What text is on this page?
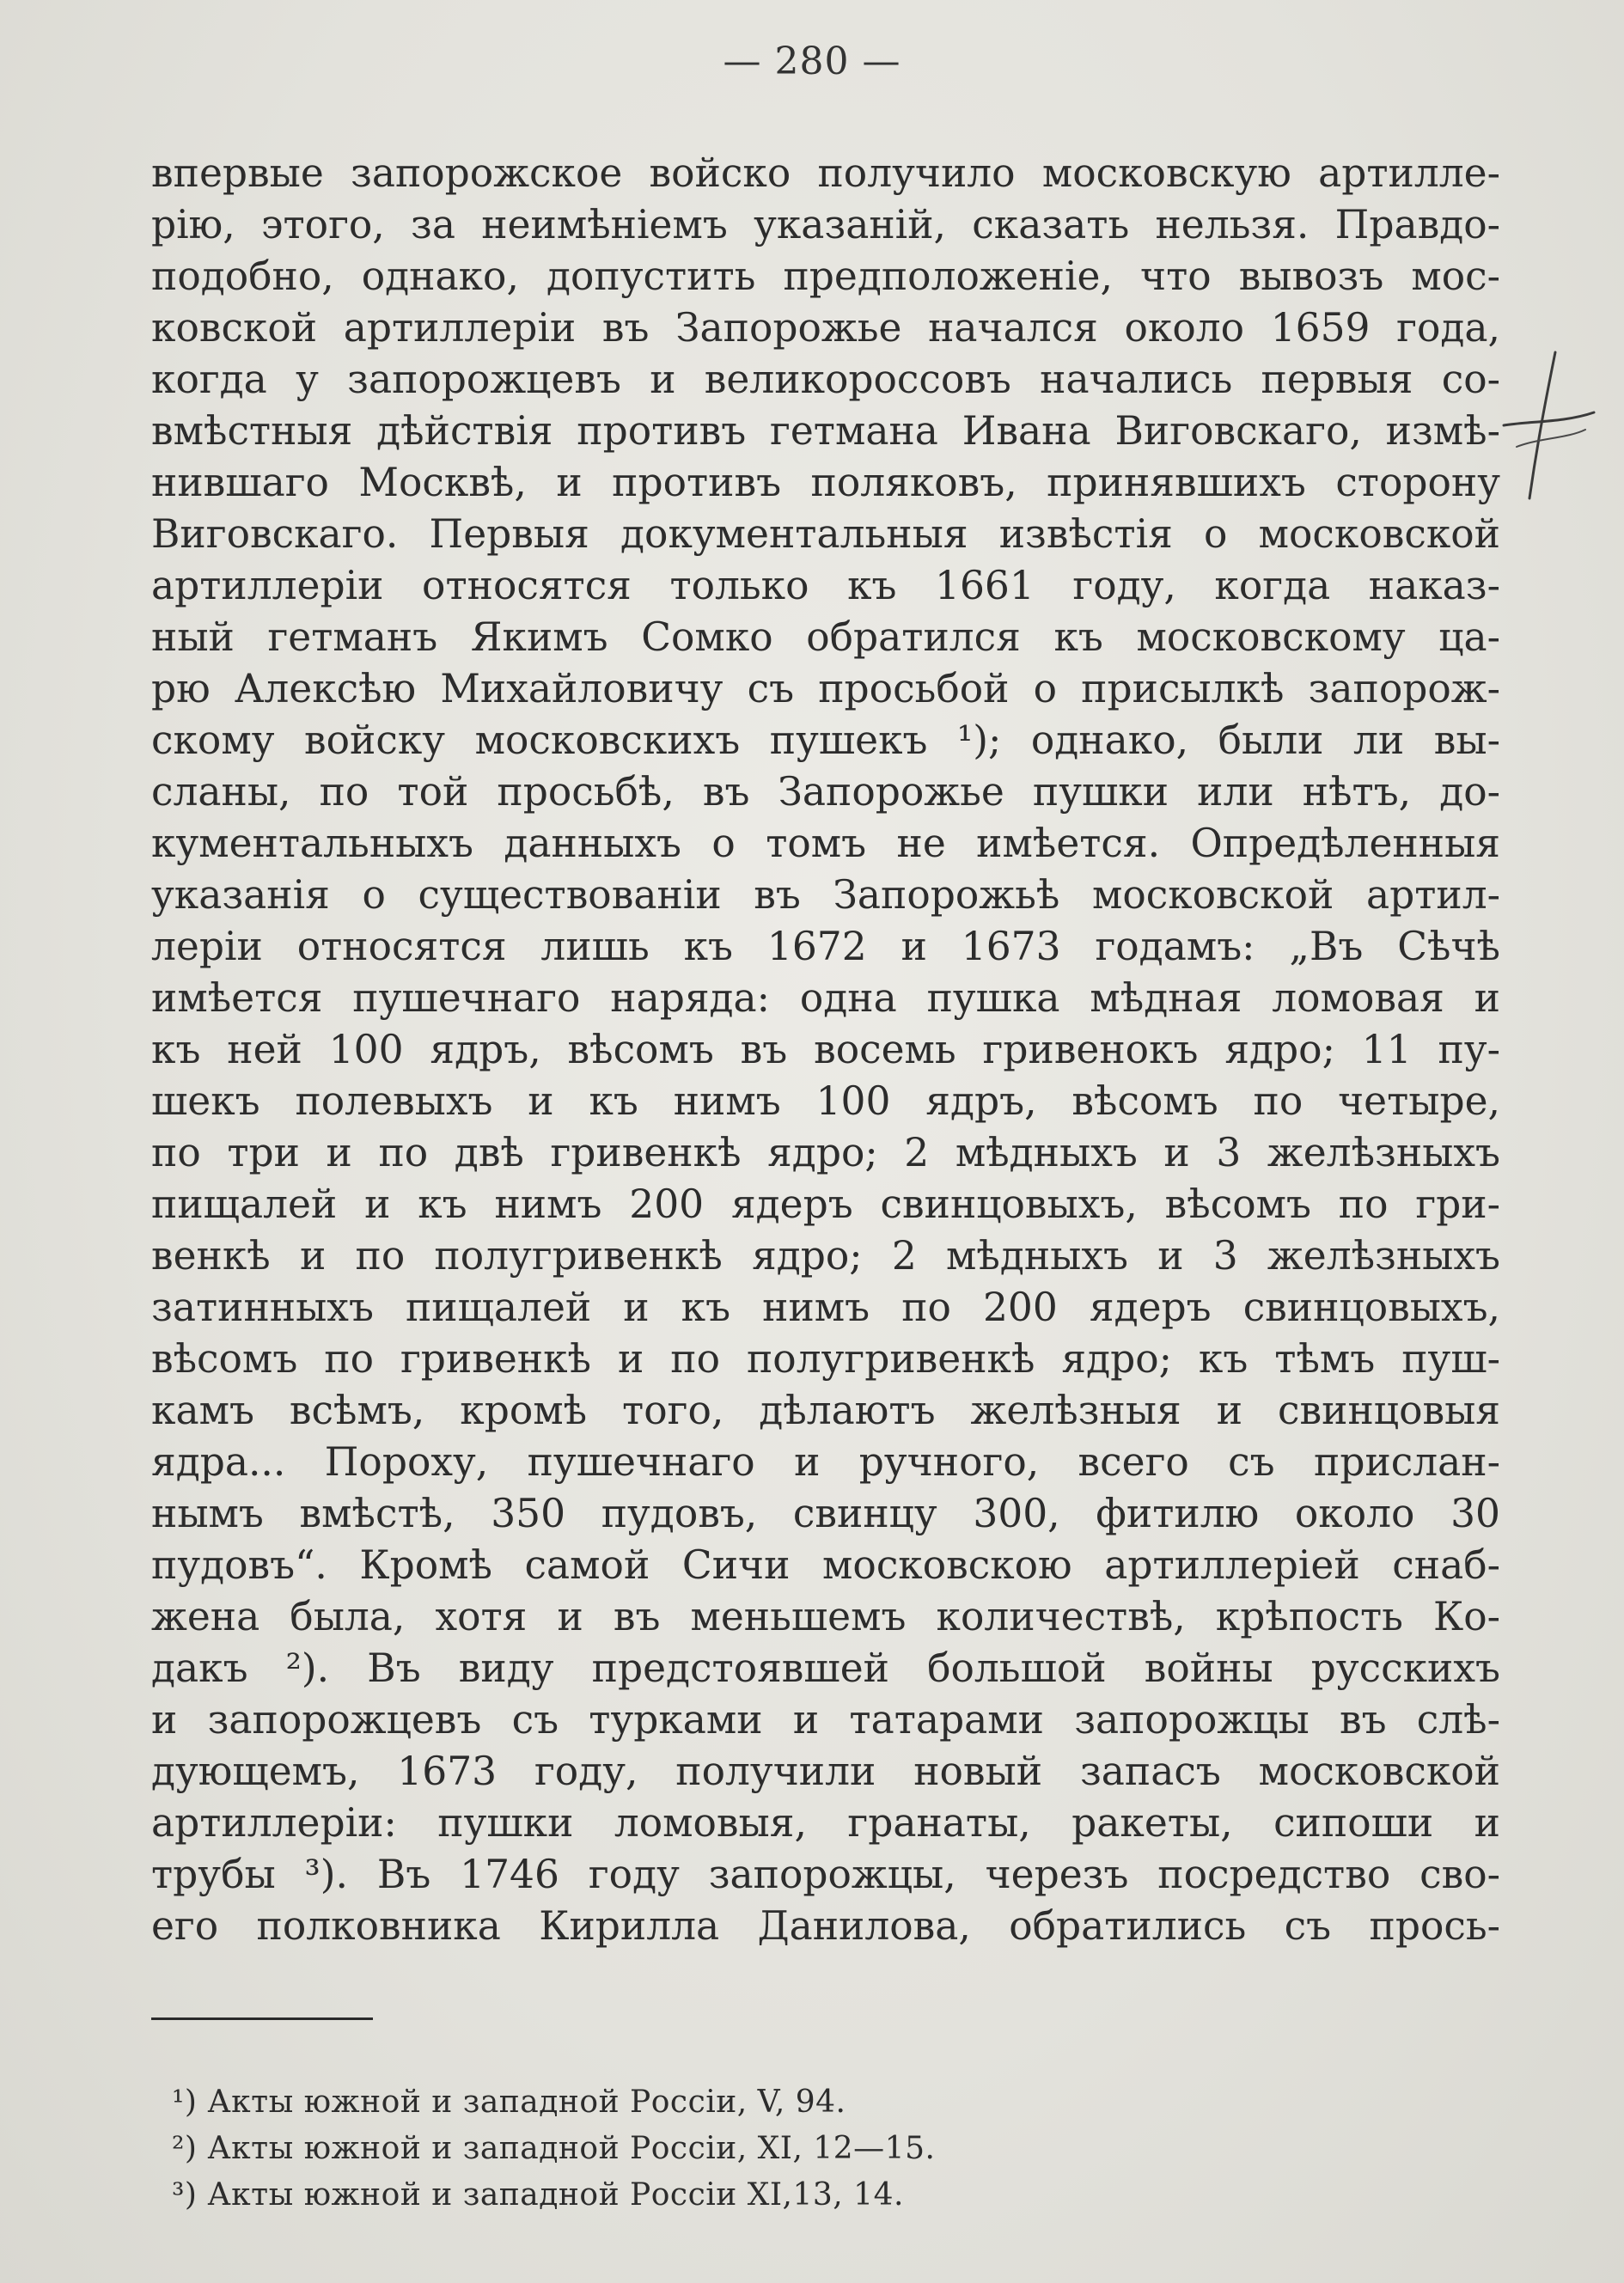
— 280 —
впервые запорожское войско получило московскую артилле-
рію, этого, за неимѣніемъ указаній, сказать нельзя. Правдо-
подобно, однако, допустить предположеніе, что вывозъ мос-
ковской артиллеріи въ Запорожье начался около 1659 года,
когда у запорожцевъ и великороссовъ начались первыя со-
вмѣстныя дѣйствія противъ гетмана Ивана Виговскаго, измѣ-
нившаго Москвѣ, и противъ поляковъ, принявшихъ сторону
Виговскаго. Первыя документальныя извѣстія о московской
артиллеріи относятся только къ 1661 году, когда наказ-
ный гетманъ Якимъ Сомко обратился къ московскому ца-
рю Алексѣю Михайловичу съ просьбой о присылкѣ запорож-
скому войску московскихъ пушекъ ¹); однако, были ли вы-
сланы, по той просьбѣ, въ Запорожье пушки или нѣтъ, до-
кументальныхъ данныхъ о томъ не имѣется. Опредѣленныя
указанія о существованіи въ Запорожьѣ московской артил-
леріи относятся лишь къ 1672 и 1673 годамъ: „Въ Сѣчѣ
имѣется пушечнаго наряда: одна пушка мѣдная ломовая и
къ ней 100 ядръ, вѣсомъ въ восемь гривенокъ ядро; 11 пу-
шекъ полевыхъ и къ нимъ 100 ядръ, вѣсомъ по четыре,
по три и по двѣ гривенкѣ ядро; 2 мѣдныхъ и 3 желѣзныхъ
пищалей и къ нимъ 200 ядеръ свинцовыхъ, вѣсомъ по гри-
венкѣ и по полугривенкѣ ядро; 2 мѣдныхъ и 3 желѣзныхъ
затинныхъ пищалей и къ нимъ по 200 ядеръ свинцовыхъ,
вѣсомъ по гривенкѣ и по полугривенкѣ ядро; къ тѣмъ пуш-
камъ всѣмъ, кромѣ того, дѣлаютъ желѣзныя и свинцовыя
ядра... Пороху, пушечнаго и ручного, всего съ прислан-
нымъ вмѣстѣ, 350 пудовъ, свинцу 300, фитилю около 30
пудовъ“. Кромѣ самой Сичи московскою артиллеріей снаб-
жена была, хотя и въ меньшемъ количествѣ, крѣпость Ко-
дакъ ²). Въ виду предстоявшей большой войны русскихъ
и запорожцевъ съ турками и татарами запорожцы въ слѣ-
дующемъ, 1673 году, получили новый запасъ московской
артиллеріи: пушки ломовыя, гранаты, ракеты, сипоши и
трубы ³). Въ 1746 году запорожцы, черезъ посредство сво-
его полковника Кирилла Данилова, обратились съ прось-
¹) Акты южной и западной Россіи, V, 94.
²) Акты южной и западной Россіи, XI, 12—15.
³) Акты южной и западной Россіи XI,13, 14.
